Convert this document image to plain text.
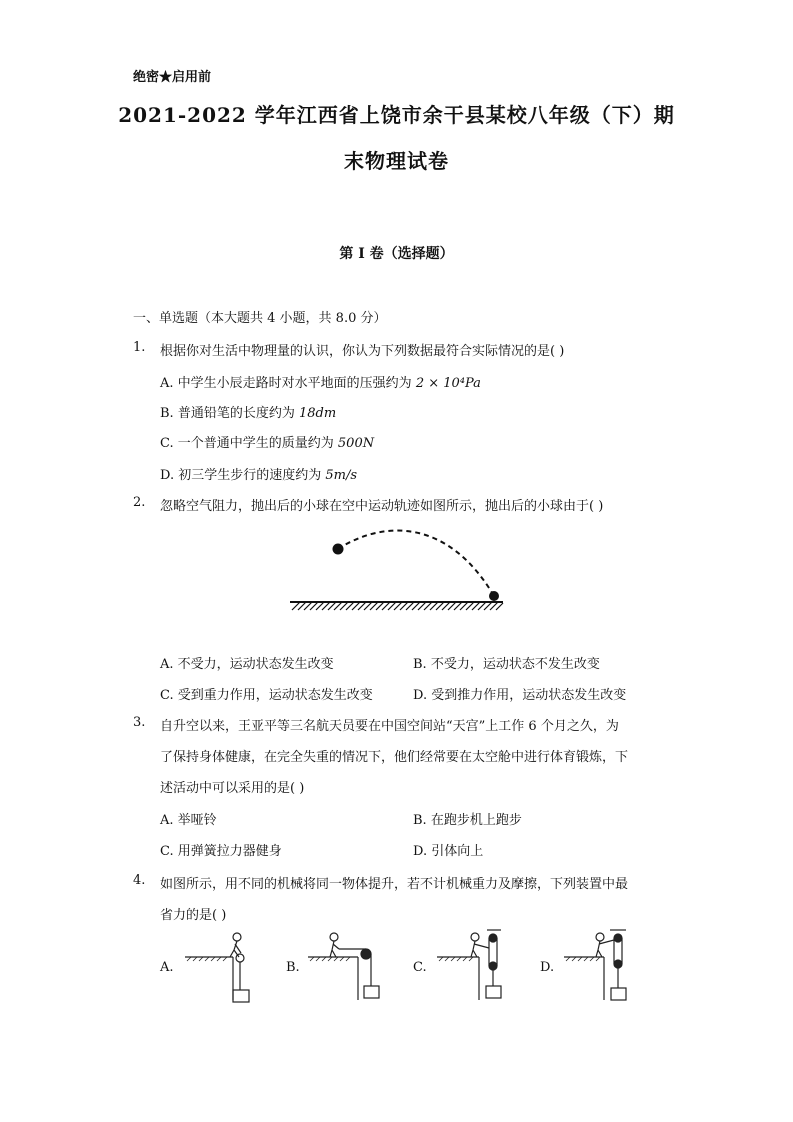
绝密★启用前
2021-2022 学年江西省上饶市余干县某校八年级（下）期
末物理试卷
第 I 卷（选择题）
一、单选题（本大题共 4 小题，共 8.0 分）
1. 根据你对生活中物理量的认识，你认为下列数据最符合实际情况的是( )
A. 中学生小辰走路时对水平地面的压强约为 2 × 10⁴Pa
B. 普通铅笔的长度约为 18dm
C. 一个普通中学生的质量约为 500N
D. 初三学生步行的速度约为 5m/s
2. 忽略空气阻力，抛出后的小球在空中运动轨迹如图所示，抛出后的小球由于( )
A. 不受力，运动状态发生改变	B. 不受力，运动状态不发生改变
C. 受到重力作用，运动状态发生改变	D. 受到推力作用，运动状态发生改变
3. 自升空以来，王亚平等三名航天员要在中国空间站“天宫”上工作 6 个月之久，为
了保持身体健康，在完全失重的情况下，他们经常要在太空舱中进行体育锻炼，下
述活动中可以采用的是( )
A. 举哑铃	B. 在跑步机上跑步
C. 用弹簧拉力器健身	D. 引体向上
4. 如图所示，用不同的机械将同一物体提升，若不计机械重力及摩擦，下列装置中最
省力的是( )
A.	B.	C.	D.
